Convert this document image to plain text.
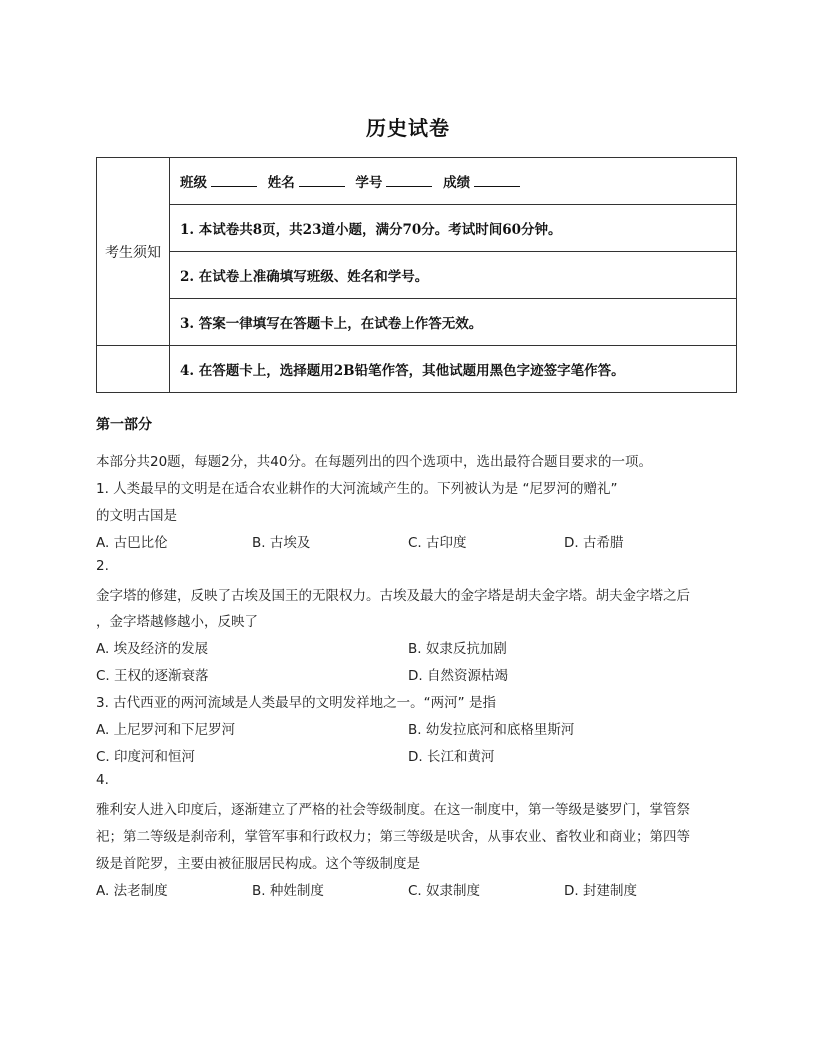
历史试卷
考生须知	班级 姓名 学号 成绩
	1. 本试卷共8页，共23道小题，满分70分。考试时间60分钟。
	2. 在试卷上准确填写班级、姓名和学号。
	3. 答案一律填写在答题卡上，在试卷上作答无效。
	4. 在答题卡上，选择题用2B铅笔作答，其他试题用黑色字迹签字笔作答。
第一部分
本部分共20题，每题2分，共40分。在每题列出的四个选项中，选出最符合题目要求的一项。
1. 人类最早的文明是在适合农业耕作的大河流域产生的。下列被认为是 “尼罗河的赠礼”
的文明古国是
A. 古巴比伦	B. 古埃及	C. 古印度	D. 古希腊
2.
金字塔的修建，反映了古埃及国王的无限权力。古埃及最大的金字塔是胡夫金字塔。胡夫金字塔之后
，金字塔越修越小，反映了
A. 埃及经济的发展	B. 奴隶反抗加剧
C. 王权的逐渐衰落	D. 自然资源枯竭
3. 古代西亚的两河流域是人类最早的文明发祥地之一。“两河” 是指
A. 上尼罗河和下尼罗河	B. 幼发拉底河和底格里斯河
C. 印度河和恒河	D. 长江和黄河
4.
雅利安人进入印度后，逐渐建立了严格的社会等级制度。在这一制度中，第一等级是婆罗门，掌管祭
祀；第二等级是刹帝利，掌管军事和行政权力；第三等级是吠舍，从事农业、畜牧业和商业；第四等
级是首陀罗，主要由被征服居民构成。这个等级制度是
A. 法老制度	B. 种姓制度	C. 奴隶制度	D. 封建制度
